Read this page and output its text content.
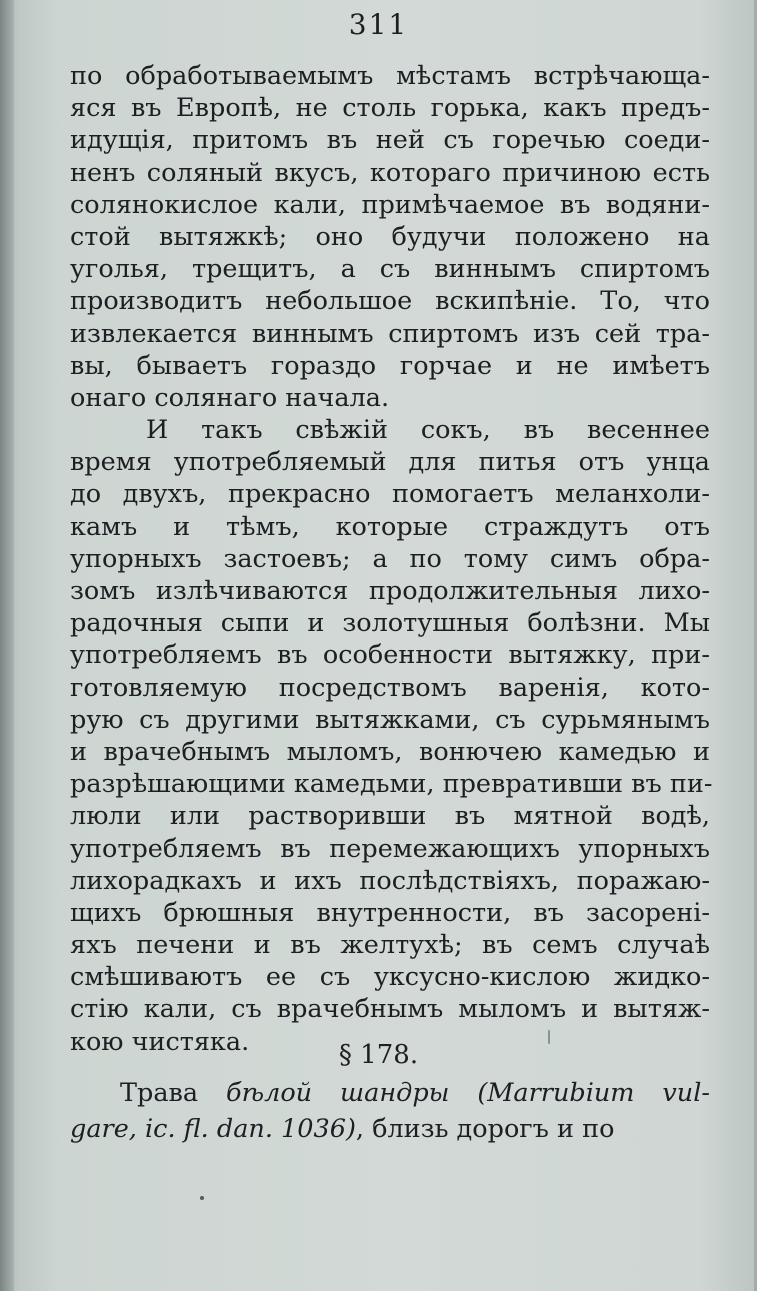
311
по обработываемымъ мѣстамъ встрѣчающа-
яся въ Европѣ, не столь горька, какъ предъ-
идущія, притомъ въ ней съ горечью соеди-
ненъ соляный вкусъ, котораго причиною есть
солянокислое кали, примѣчаемое въ водяни-
стой вытяжкѣ; оно будучи положено на
уголья, трещитъ, а съ виннымъ спиртомъ
производитъ небольшое вскипѣніе. То, что
извлекается виннымъ спиртомъ изъ сей тра-
вы, бываетъ гораздо горчае и не имѣетъ
онаго солянаго начала.
И такъ свѣжій сокъ, въ весеннее
время употребляемый для питья отъ унца
до двухъ, прекрасно помогаетъ меланхоли-
камъ и тѣмъ, которые страждутъ отъ
упорныхъ застоевъ; а по тому симъ обра-
зомъ излѣчиваются продолжительныя лихо-
радочныя сыпи и золотушныя болѣзни. Мы
употребляемъ въ особенности вытяжку, при-
готовляемую посредствомъ варенія, кото-
рую съ другими вытяжками, съ сурьмянымъ
и врачебнымъ мыломъ, вонючею камедью и
разрѣшающими камедьми, превративши въ пи-
люли или растворивши въ мятной водѣ,
употребляемъ въ перемежающихъ упорныхъ
лихорадкахъ и ихъ послѣдствіяхъ, поражаю-
щихъ брюшныя внутренности, въ засорені-
яхъ печени и въ желтухѣ; въ семъ случаѣ
смѣшиваютъ ее съ уксусно-кислою жидко-
стію кали, съ врачебнымъ мыломъ и вытяж-
кою чистяка.	§ 178.
Трава бѣлой шандры (Marrubium vul-
gare, ic. fl. dan. 1036), близь дорогъ и по
